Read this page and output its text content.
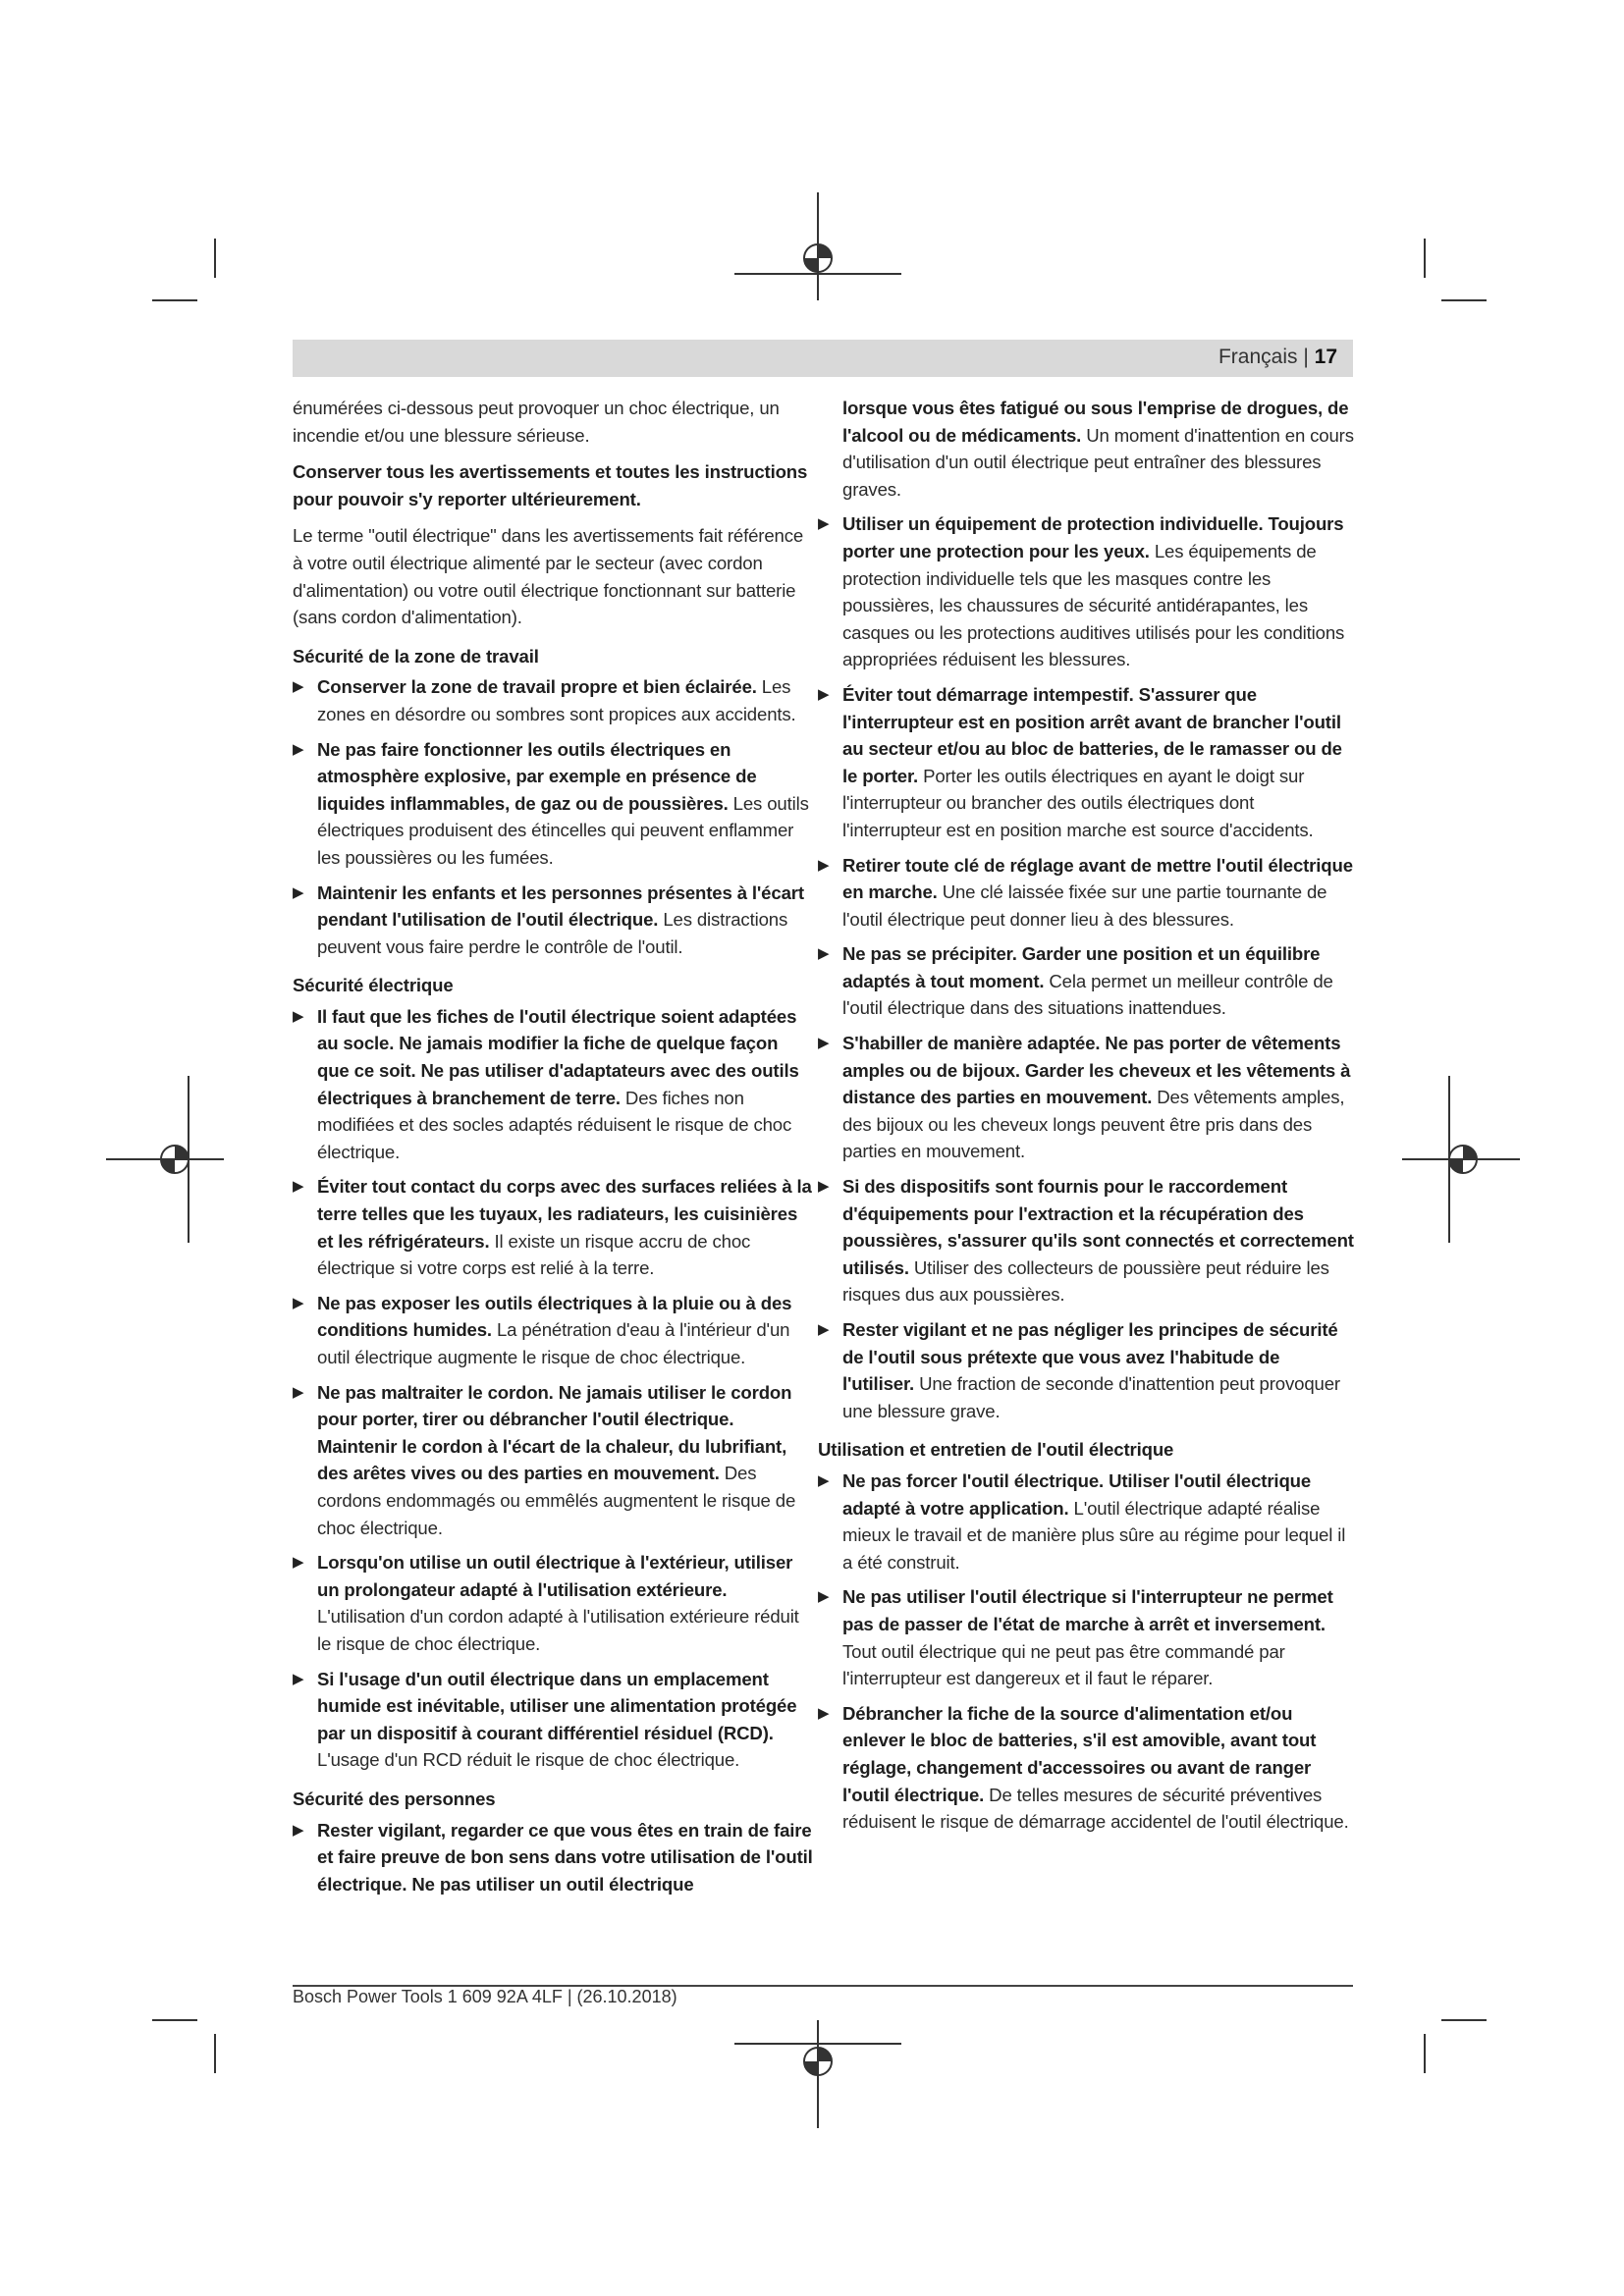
Français | 17

énumérées ci-dessous peut provoquer un choc électrique, un incendie et/ou une blessure sérieuse.

Conserver tous les avertissements et toutes les instructions pour pouvoir s'y reporter ultérieurement.

Le terme "outil électrique" dans les avertissements fait référence à votre outil électrique alimenté par le secteur (avec cordon d'alimentation) ou votre outil électrique fonctionnant sur batterie (sans cordon d'alimentation).

Sécurité de la zone de travail
▶ Conserver la zone de travail propre et bien éclairée. Les zones en désordre ou sombres sont propices aux accidents.
▶ Ne pas faire fonctionner les outils électriques en atmosphère explosive, par exemple en présence de liquides inflammables, de gaz ou de poussières. Les outils électriques produisent des étincelles qui peuvent enflammer les poussières ou les fumées.
▶ Maintenir les enfants et les personnes présentes à l'écart pendant l'utilisation de l'outil électrique. Les distractions peuvent vous faire perdre le contrôle de l'outil.
Sécurité électrique
▶ Il faut que les fiches de l'outil électrique soient adaptées au socle. Ne jamais modifier la fiche de quelque façon que ce soit. Ne pas utiliser d'adaptateurs avec des outils électriques à branchement de terre. Des fiches non modifiées et des socles adaptés réduisent le risque de choc électrique.
▶ Éviter tout contact du corps avec des surfaces reliées à la terre telles que les tuyaux, les radiateurs, les cuisinières et les réfrigérateurs. Il existe un risque accru de choc électrique si votre corps est relié à la terre.
▶ Ne pas exposer les outils électriques à la pluie ou à des conditions humides. La pénétration d'eau à l'intérieur d'un outil électrique augmente le risque de choc électrique.
▶ Ne pas maltraiter le cordon. Ne jamais utiliser le cordon pour porter, tirer ou débrancher l'outil électrique. Maintenir le cordon à l'écart de la chaleur, du lubrifiant, des arêtes vives ou des parties en mouvement. Des cordons endommagés ou emmêlés augmentent le risque de choc électrique.
▶ Lorsqu'on utilise un outil électrique à l'extérieur, utiliser un prolongateur adapté à l'utilisation extérieure. L'utilisation d'un cordon adapté à l'utilisation extérieure réduit le risque de choc électrique.
▶ Si l'usage d'un outil électrique dans un emplacement humide est inévitable, utiliser une alimentation protégée par un dispositif à courant différentiel résiduel (RCD). L'usage d'un RCD réduit le risque de choc électrique.
Sécurité des personnes
▶ Rester vigilant, regarder ce que vous êtes en train de faire et faire preuve de bon sens dans votre utilisation de l'outil électrique. Ne pas utiliser un outil électrique

lorsque vous êtes fatigué ou sous l'emprise de drogues, de l'alcool ou de médicaments. Un moment d'inattention en cours d'utilisation d'un outil électrique peut entraîner des blessures graves.

▶ Utiliser un équipement de protection individuelle. Toujours porter une protection pour les yeux. Les équipements de protection individuelle tels que les masques contre les poussières, les chaussures de sécurité antidérapantes, les casques ou les protections auditives utilisés pour les conditions appropriées réduisent les blessures.
▶ Éviter tout démarrage intempestif. S'assurer que l'interrupteur est en position arrêt avant de brancher l'outil au secteur et/ou au bloc de batteries, de le ramasser ou de le porter. Porter les outils électriques en ayant le doigt sur l'interrupteur ou brancher des outils électriques dont l'interrupteur est en position marche est source d'accidents.
▶ Retirer toute clé de réglage avant de mettre l'outil électrique en marche. Une clé laissée fixée sur une partie tournante de l'outil électrique peut donner lieu à des blessures.
▶ Ne pas se précipiter. Garder une position et un équilibre adaptés à tout moment. Cela permet un meilleur contrôle de l'outil électrique dans des situations inattendues.
▶ S'habiller de manière adaptée. Ne pas porter de vêtements amples ou de bijoux. Garder les cheveux et les vêtements à distance des parties en mouvement. Des vêtements amples, des bijoux ou les cheveux longs peuvent être pris dans des parties en mouvement.
▶ Si des dispositifs sont fournis pour le raccordement d'équipements pour l'extraction et la récupération des poussières, s'assurer qu'ils sont connectés et correctement utilisés. Utiliser des collecteurs de poussière peut réduire les risques dus aux poussières.
▶ Rester vigilant et ne pas négliger les principes de sécurité de l'outil sous prétexte que vous avez l'habitude de l'utiliser. Une fraction de seconde d'inattention peut provoquer une blessure grave.
Utilisation et entretien de l'outil électrique
▶ Ne pas forcer l'outil électrique. Utiliser l'outil électrique adapté à votre application. L'outil électrique adapté réalise mieux le travail et de manière plus sûre au régime pour lequel il a été construit.
▶ Ne pas utiliser l'outil électrique si l'interrupteur ne permet pas de passer de l'état de marche à arrêt et inversement. Tout outil électrique qui ne peut pas être commandé par l'interrupteur est dangereux et il faut le réparer.
▶ Débrancher la fiche de la source d'alimentation et/ou enlever le bloc de batteries, s'il est amovible, avant tout réglage, changement d'accessoires ou avant de ranger l'outil électrique. De telles mesures de sécurité préventives réduisent le risque de démarrage accidentel de l'outil électrique.
Bosch Power Tools 1 609 92A 4LF | (26.10.2018)
